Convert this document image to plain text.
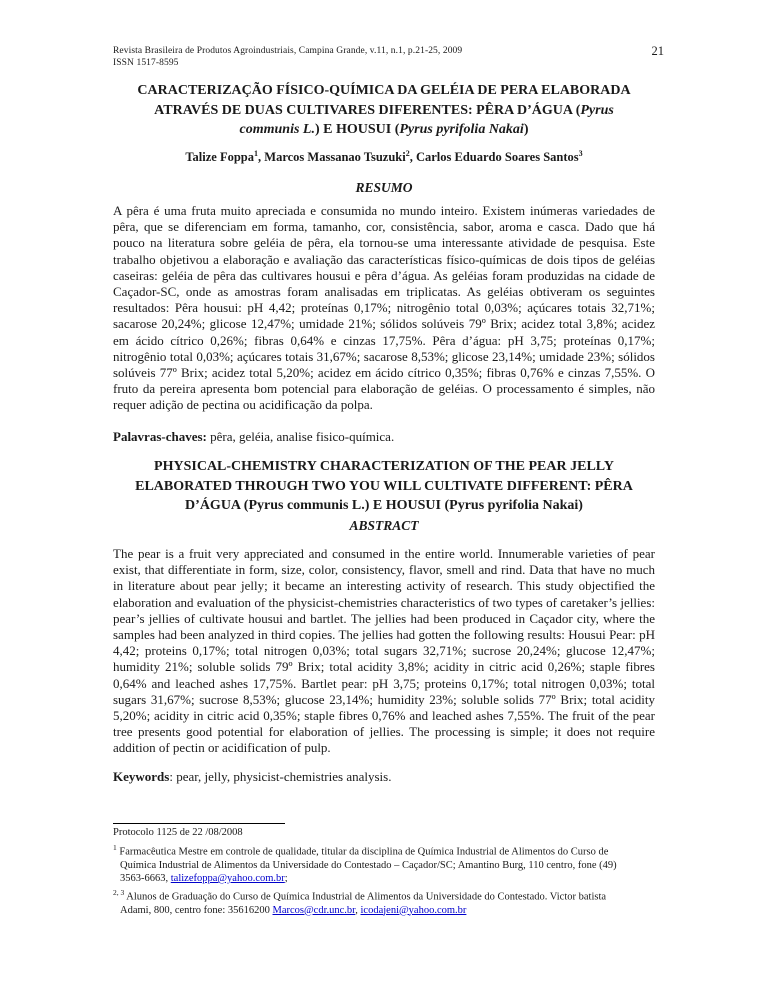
Revista Brasileira de Produtos Agroindustriais, Campina Grande, v.11, n.1, p.21-25, 2009
ISSN 1517-8595
21
CARACTERIZAÇÃO FÍSICO-QUÍMICA DA GELÉIA DE PERA ELABORADA
ATRAVÉS DE DUAS CULTIVARES DIFERENTES: PÊRA D’ÁGUA (Pyrus
communis L.) E HOUSUI (Pyrus pyrifolia Nakai)
Talize Foppa$^1$, Marcos Massanao Tsuzuki$^2$, Carlos Eduardo Soares Santos$^3$
RESUMO
A pêra é uma fruta muito apreciada e consumida no mundo inteiro. Existem inúmeras variedades de pêra, que se diferenciam em forma, tamanho, cor, consistência, sabor, aroma e casca. Dado que há pouco na literatura sobre geléia de pêra, ela tornou-se uma interessante atividade de pesquisa. Este trabalho objetivou a elaboração e avaliação das características físico-químicas de dois tipos de geléias caseiras: geléia de pêra das cultivares housui e pêra d’água. As geléias foram produzidas na cidade de Caçador-SC, onde as amostras foram analisadas em triplicatas. As geléias obtiveram os seguintes resultados: Pêra housui: pH 4,42; proteínas 0,17%; nitrogênio total 0,03%; açúcares totais 32,71%; sacarose 20,24%; glicose 12,47%; umidade 21%; sólidos solúveis 79º Brix; acidez total 3,8%; acidez em ácido cítrico 0,26%; fibras 0,64% e cinzas 17,75%. Pêra d’água: pH 3,75; proteínas 0,17%; nitrogênio total 0,03%; açúcares totais 31,67%; sacarose 8,53%; glicose 23,14%; umidade 23%; sólidos solúveis 77º Brix; acidez total 5,20%; acidez em ácido cítrico 0,35%; fibras 0,76% e cinzas 7,55%. O fruto da pereira apresenta bom potencial para elaboração de geléias. O processamento é simples, não requer adição de pectina ou acidificação da polpa.
Palavras-chaves: pêra, geléia, analise fisico-química.
PHYSICAL-CHEMISTRY CHARACTERIZATION OF THE PEAR JELLY
ELABORATED THROUGH TWO YOU WILL CULTIVATE DIFFERENT: PÊRA
D’ÁGUA (Pyrus communis L.) E HOUSUI (Pyrus pyrifolia Nakai)
ABSTRACT
The pear is a fruit very appreciated and consumed in the entire world. Innumerable varieties of pear exist, that differentiate in form, size, color, consistency, flavor, smell and rind. Data that have no much in literature about pear jelly; it became an interesting activity of research. This study objectified the elaboration and evaluation of the physicist-chemistries characteristics of two types of caretaker’s jellies: pear’s jellies of cultivate housui and bartlet. The jellies had been produced in Caçador city, where the samples had been analyzed in third copies. The jellies had gotten the following results: Housui Pear: pH 4,42; proteins 0,17%; total nitrogen 0,03%; total sugars 32,71%; sucrose 20,24%; glucose 12,47%; humidity 21%; soluble solids 79º Brix; total acidity 3,8%; acidity in citric acid 0,26%; staple fibres 0,64% and leached ashes 17,75%. Bartlet pear: pH 3,75; proteins 0,17%; total nitrogen 0,03%; total sugars 31,67%; sucrose 8,53%; glucose 23,14%; humidity 23%; soluble solids 77º Brix; total acidity 5,20%; acidity in citric acid 0,35%; staple fibres 0,76% and leached ashes 7,55%. The fruit of the pear tree presents good potential for elaboration of jellies. The processing is simple; it does not require addition of pectin or acidification of pulp.
Keywords: pear, jelly, physicist-chemistries analysis.
Protocolo 1125 de 22 /08/2008
$^1$ Farmacêutica Mestre em controle de qualidade, titular da disciplina de Química Industrial de Alimentos do Curso de Química Industrial de Alimentos da Universidade do Contestado – Caçador/SC; Amantino Burg, 110 centro, fone (49) 3563-6663, talizefoppa@yahoo.com.br;
$^{2, 3}$ Alunos de Graduação do Curso de Química Industrial de Alimentos da Universidade do Contestado. Victor batista Adami, 800, centro fone: 35616200 Marcos@cdr.unc.br, icodajeni@yahoo.com.br
